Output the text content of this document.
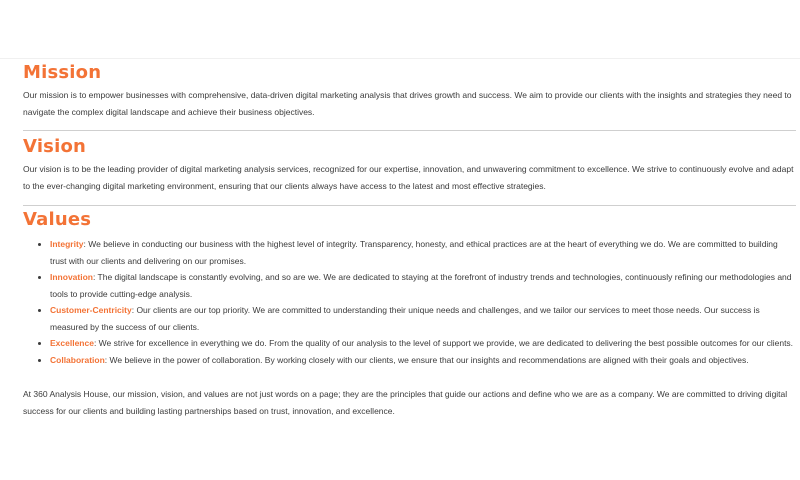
Mission

Our mission is to empower businesses with comprehensive, data-driven digital marketing analysis that drives growth and success. We aim to provide our clients with the insights and strategies they need to navigate the complex digital landscape and achieve their business objectives.

Vision

Our vision is to be the leading provider of digital marketing analysis services, recognized for our expertise, innovation, and unwavering commitment to excellence. We strive to continuously evolve and adapt to the ever-changing digital marketing environment, ensuring that our clients always have access to the latest and most effective strategies.

Values
• Integrity: We believe in conducting our business with the highest level of integrity. Transparency, honesty, and ethical practices are at the heart of everything we do. We are committed to building trust with our clients and delivering on our promises.
• Innovation: The digital landscape is constantly evolving, and so are we. We are dedicated to staying at the forefront of industry trends and technologies, continuously refining our methodologies and tools to provide cutting-edge analysis.
• Customer-Centricity: Our clients are our top priority. We are committed to understanding their unique needs and challenges, and we tailor our services to meet those needs. Our success is measured by the success of our clients.
• Excellence: We strive for excellence in everything we do. From the quality of our analysis to the level of support we provide, we are dedicated to delivering the best possible outcomes for our clients.
• Collaboration: We believe in the power of collaboration. By working closely with our clients, we ensure that our insights and recommendations are aligned with their goals and objectives.

At 360 Analysis House, our mission, vision, and values are not just words on a page; they are the principles that guide our actions and define who we are as a company. We are committed to driving digital success for our clients and building lasting partnerships based on trust, innovation, and excellence.
